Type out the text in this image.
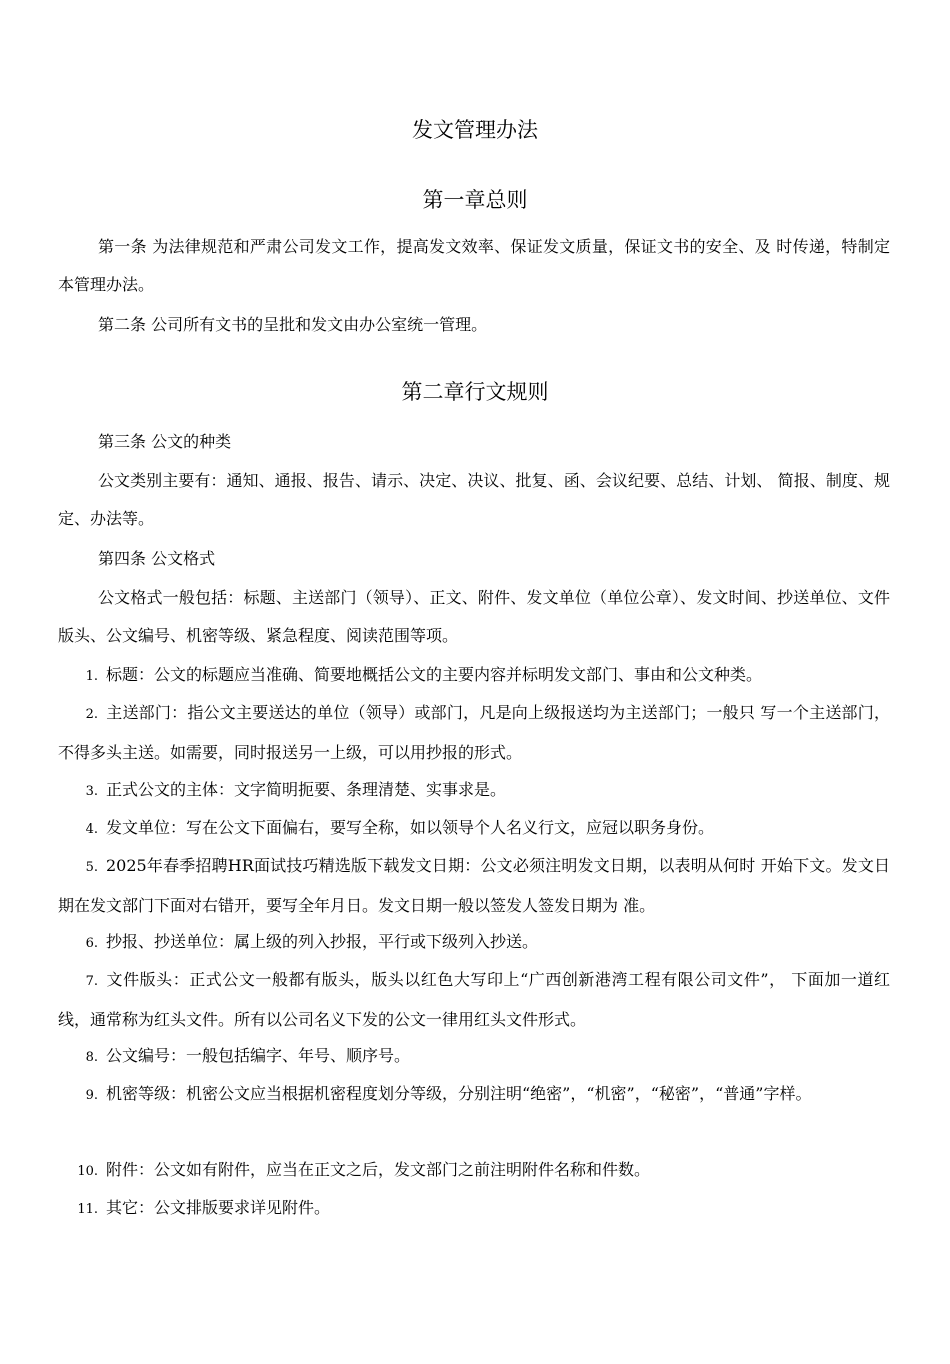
发文管理办法
第一章总则

第一条 为法律规范和严肃公司发文工作，提高发文效率、保证发文质量，保证文书的安全、及 时传递，特制定本管理办法。

第二条 公司所有文书的呈批和发文由办公室统一管理。

第二章行文规则

第三条 公文的种类

公文类别主要有：通知、通报、报告、请示、决定、决议、批复、函、会议纪要、总结、计划、 简报、制度、规定、办法等。

第四条 公文格式

公文格式一般包括：标题、主送部门（领导）、正文、附件、发文单位（单位公章）、发文时间、抄送单位、文件版头、公文编号、机密等级、紧急程度、阅读范围等项。

1. 标题：公文的标题应当准确、简要地概括公文的主要内容并标明发文部门、事由和公文种类。

2. 主送部门：指公文主要送达的单位（领导）或部门，凡是向上级报送均为主送部门；一般只 写一个主送部门，不得多头主送。如需要，同时报送另一上级，可以用抄报的形式。

3. 正式公文的主体：文字简明扼要、条理清楚、实事求是。

4. 发文单位：写在公文下面偏右，要写全称，如以领导个人名义行文，应冠以职务身份。

5. 2025年春季招聘HR面试技巧精选版下载发文日期：公文必须注明发文日期，以表明从何时 开始下文。发文日期在发文部门下面对右错开，要写全年月日。发文日期一般以签发人签发日期为 准。

6. 抄报、抄送单位：属上级的列入抄报，平行或下级列入抄送。

7. 文件版头：正式公文一般都有版头，版头以红色大写印上“广西创新港湾工程有限公司文件”， 下面加一道红线，通常称为红头文件。所有以公司名义下发的公文一律用红头文件形式。

8. 公文编号：一般包括编字、年号、顺序号。

9. 机密等级：机密公文应当根据机密程度划分等级，分别注明“绝密”，“机密”，“秘密”，“普通”字样。

10. 附件：公文如有附件，应当在正文之后，发文部门之前注明附件名称和件数。

11. 其它：公文排版要求详见附件。
